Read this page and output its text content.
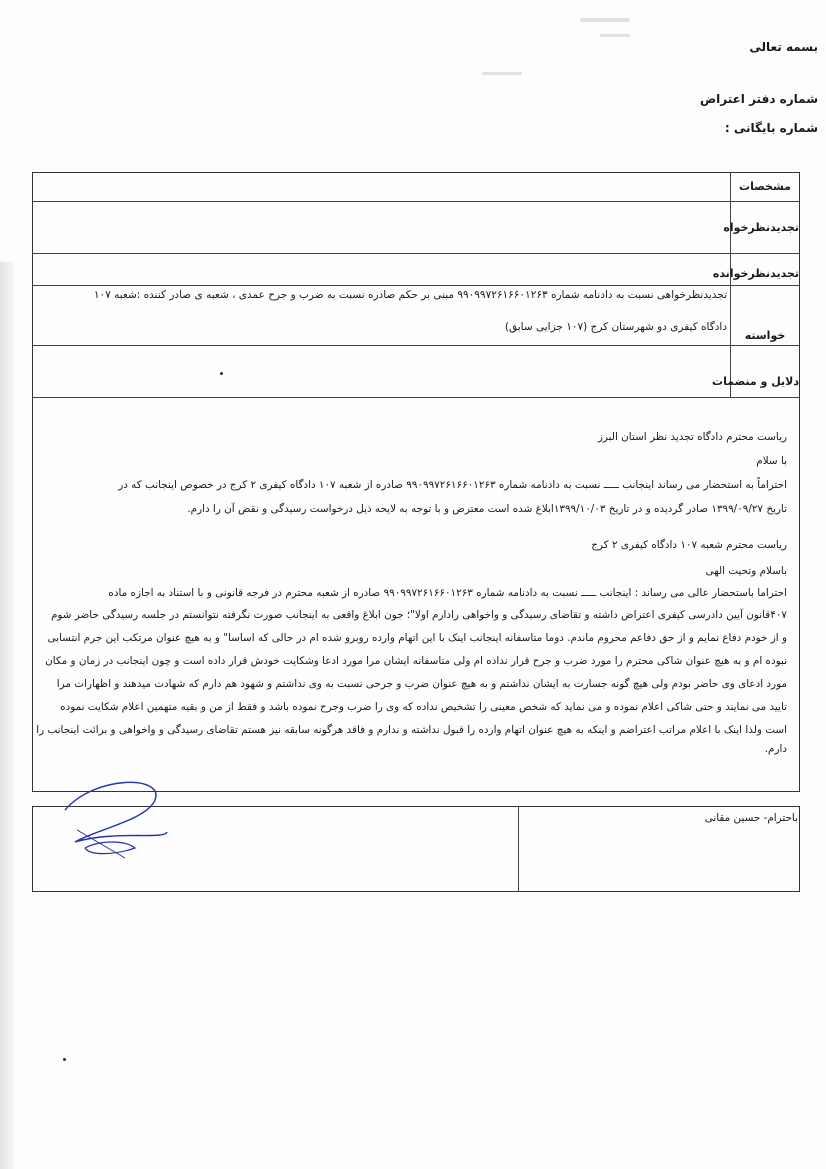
بسمه تعالی
شماره دفتر اعتراض
شماره بایگانی :
مشخصات
تجدیدنظرخواه
تجدیدنظرخوانده
خواسته
دلایل و منضمات
تجدیدنظرخواهی نسبت به دادنامه شماره ۹۹۰۹۹۷۲۶۱۶۶۰۱۲۶۳ مبنی بر حکم صادره نسبت به ضرب و جرح عمدی ، شعبه ی صادر کننده :شعبه ۱۰۷
دادگاه کیفری دو شهرستان کرج (۱۰۷ جزایی سابق)
ریاست محترم دادگاه تجدید نظر استان البرز
با سلام
احتراماً به استحضار می رساند اینجانب ـــــ نسبت به دادنامه شماره ۹۹۰۹۹۷۲۶۱۶۶۰۱۲۶۳ صادره از شعبه ۱۰۷ دادگاه کیفری ۲ کرج در خصوص اینجانب که در
تاریخ ۱۳۹۹/۰۹/۲۷ صادر گردیده و در تاریخ ۱۳۹۹/۱۰/۰۳ابلاغ شده است معترض و با توجه به لایحه ذیل درخواست رسیدگی و نقض آن را دارم.
ریاست محترم شعبه ۱۰۷ دادگاه کیفری ۲ کرج
باسلام وتحیت الهی
احتراما باستحضار عالی می رساند : اینجانب ـــــ نسبت به دادنامه شماره ۹۹۰۹۹۷۲۶۱۶۶۰۱۲۶۳ صادره از شعبه محترم در فرجه قانونی و با استناد به اجازه ماده
۴۰۷قانون آیین دادرسی کیفری اعتراض داشته و تقاضای رسیدگی و واخواهی رادارم اولا"؛ جون ابلاغ واقعی به اینجانب صورت نگرفته نتوانستم در جلسه رسیدگی حاضر شوم
و از خودم دفاع نمایم و از حق دفاعم محروم ماندم. دوما متاسفانه اینجانب اینک با این اتهام وارده روبرو شده ام در حالی که اساسا" و به هیچ عنوان مرتکب این جرم انتسابی
نبوده ام و به هیچ عنوان شاکی محترم را مورد ضرب و جرح قرار نداده ام ولی متاسفانه ایشان مرا مورد ادعا وشکایت خودش قرار داده است و چون اینجانب در زمان و مکان
مورد ادعای وی حاضر بودم ولی هیچ گونه جسارت به ایشان نداشتم و به هیچ عنوان ضرب و جرحی نسبت به وی نداشتم و شهود هم دارم که شهادت میدهند و اظهارات مرا
تایید می نمایند و حتی شاکی اعلام نموده و می نماید که شخص معینی را تشخیص نداده که وی را ضرب وجرح نموده باشد و فقط از من و بقیه متهمین اعلام شکایت نموده
است ولذا اینک با اعلام مراتب اعتراضم و اینکه به هیچ عنوان اتهام وارده را قبول نداشته و ندارم و فاقد هرگونه سابقه نیز هستم تقاضای رسیدگی و واخواهی و برائت اینجانب را
دارم.
باحترام- حسین مقانی
